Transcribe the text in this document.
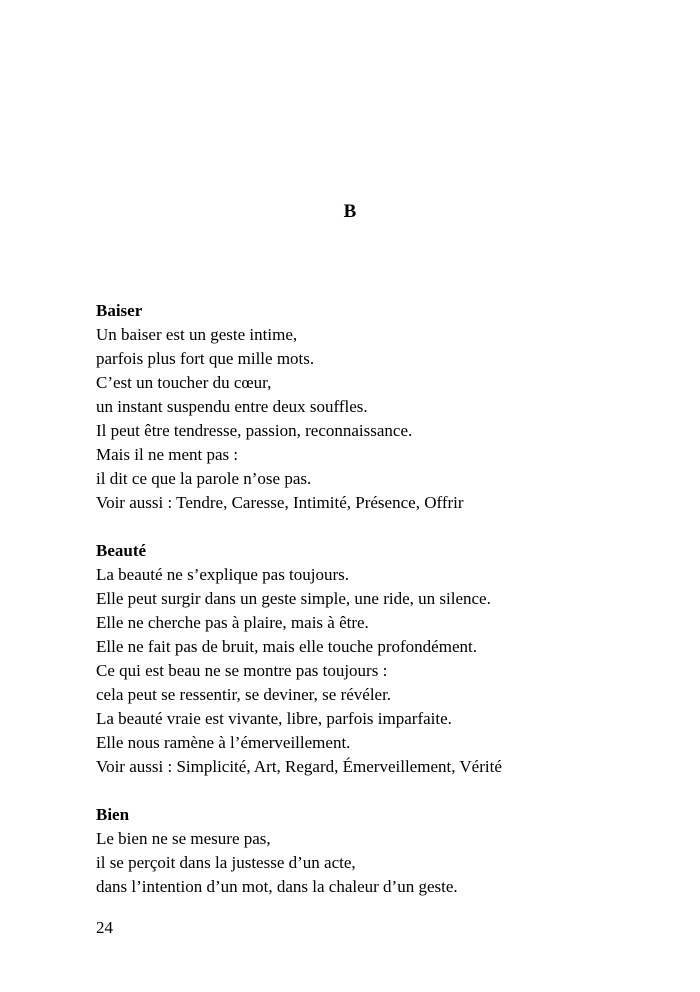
B

Baiser

Un baiser est un geste intime,

parfois plus fort que mille mots.

C’est un toucher du cœur,

un instant suspendu entre deux souffles.

Il peut être tendresse, passion, reconnaissance.

Mais il ne ment pas :

il dit ce que la parole n’ose pas.

Voir aussi : Tendre, Caresse, Intimité, Présence, Offrir

Beauté

La beauté ne s’explique pas toujours.

Elle peut surgir dans un geste simple, une ride, un silence.

Elle ne cherche pas à plaire, mais à être.

Elle ne fait pas de bruit, mais elle touche profondément.

Ce qui est beau ne se montre pas toujours :

cela peut se ressentir, se deviner, se révéler.

La beauté vraie est vivante, libre, parfois imparfaite.

Elle nous ramène à l’émerveillement.

Voir aussi : Simplicité, Art, Regard, Émerveillement, Vérité

Bien

Le bien ne se mesure pas,

il se perçoit dans la justesse d’un acte,

dans l’intention d’un mot, dans la chaleur d’un geste.

24
